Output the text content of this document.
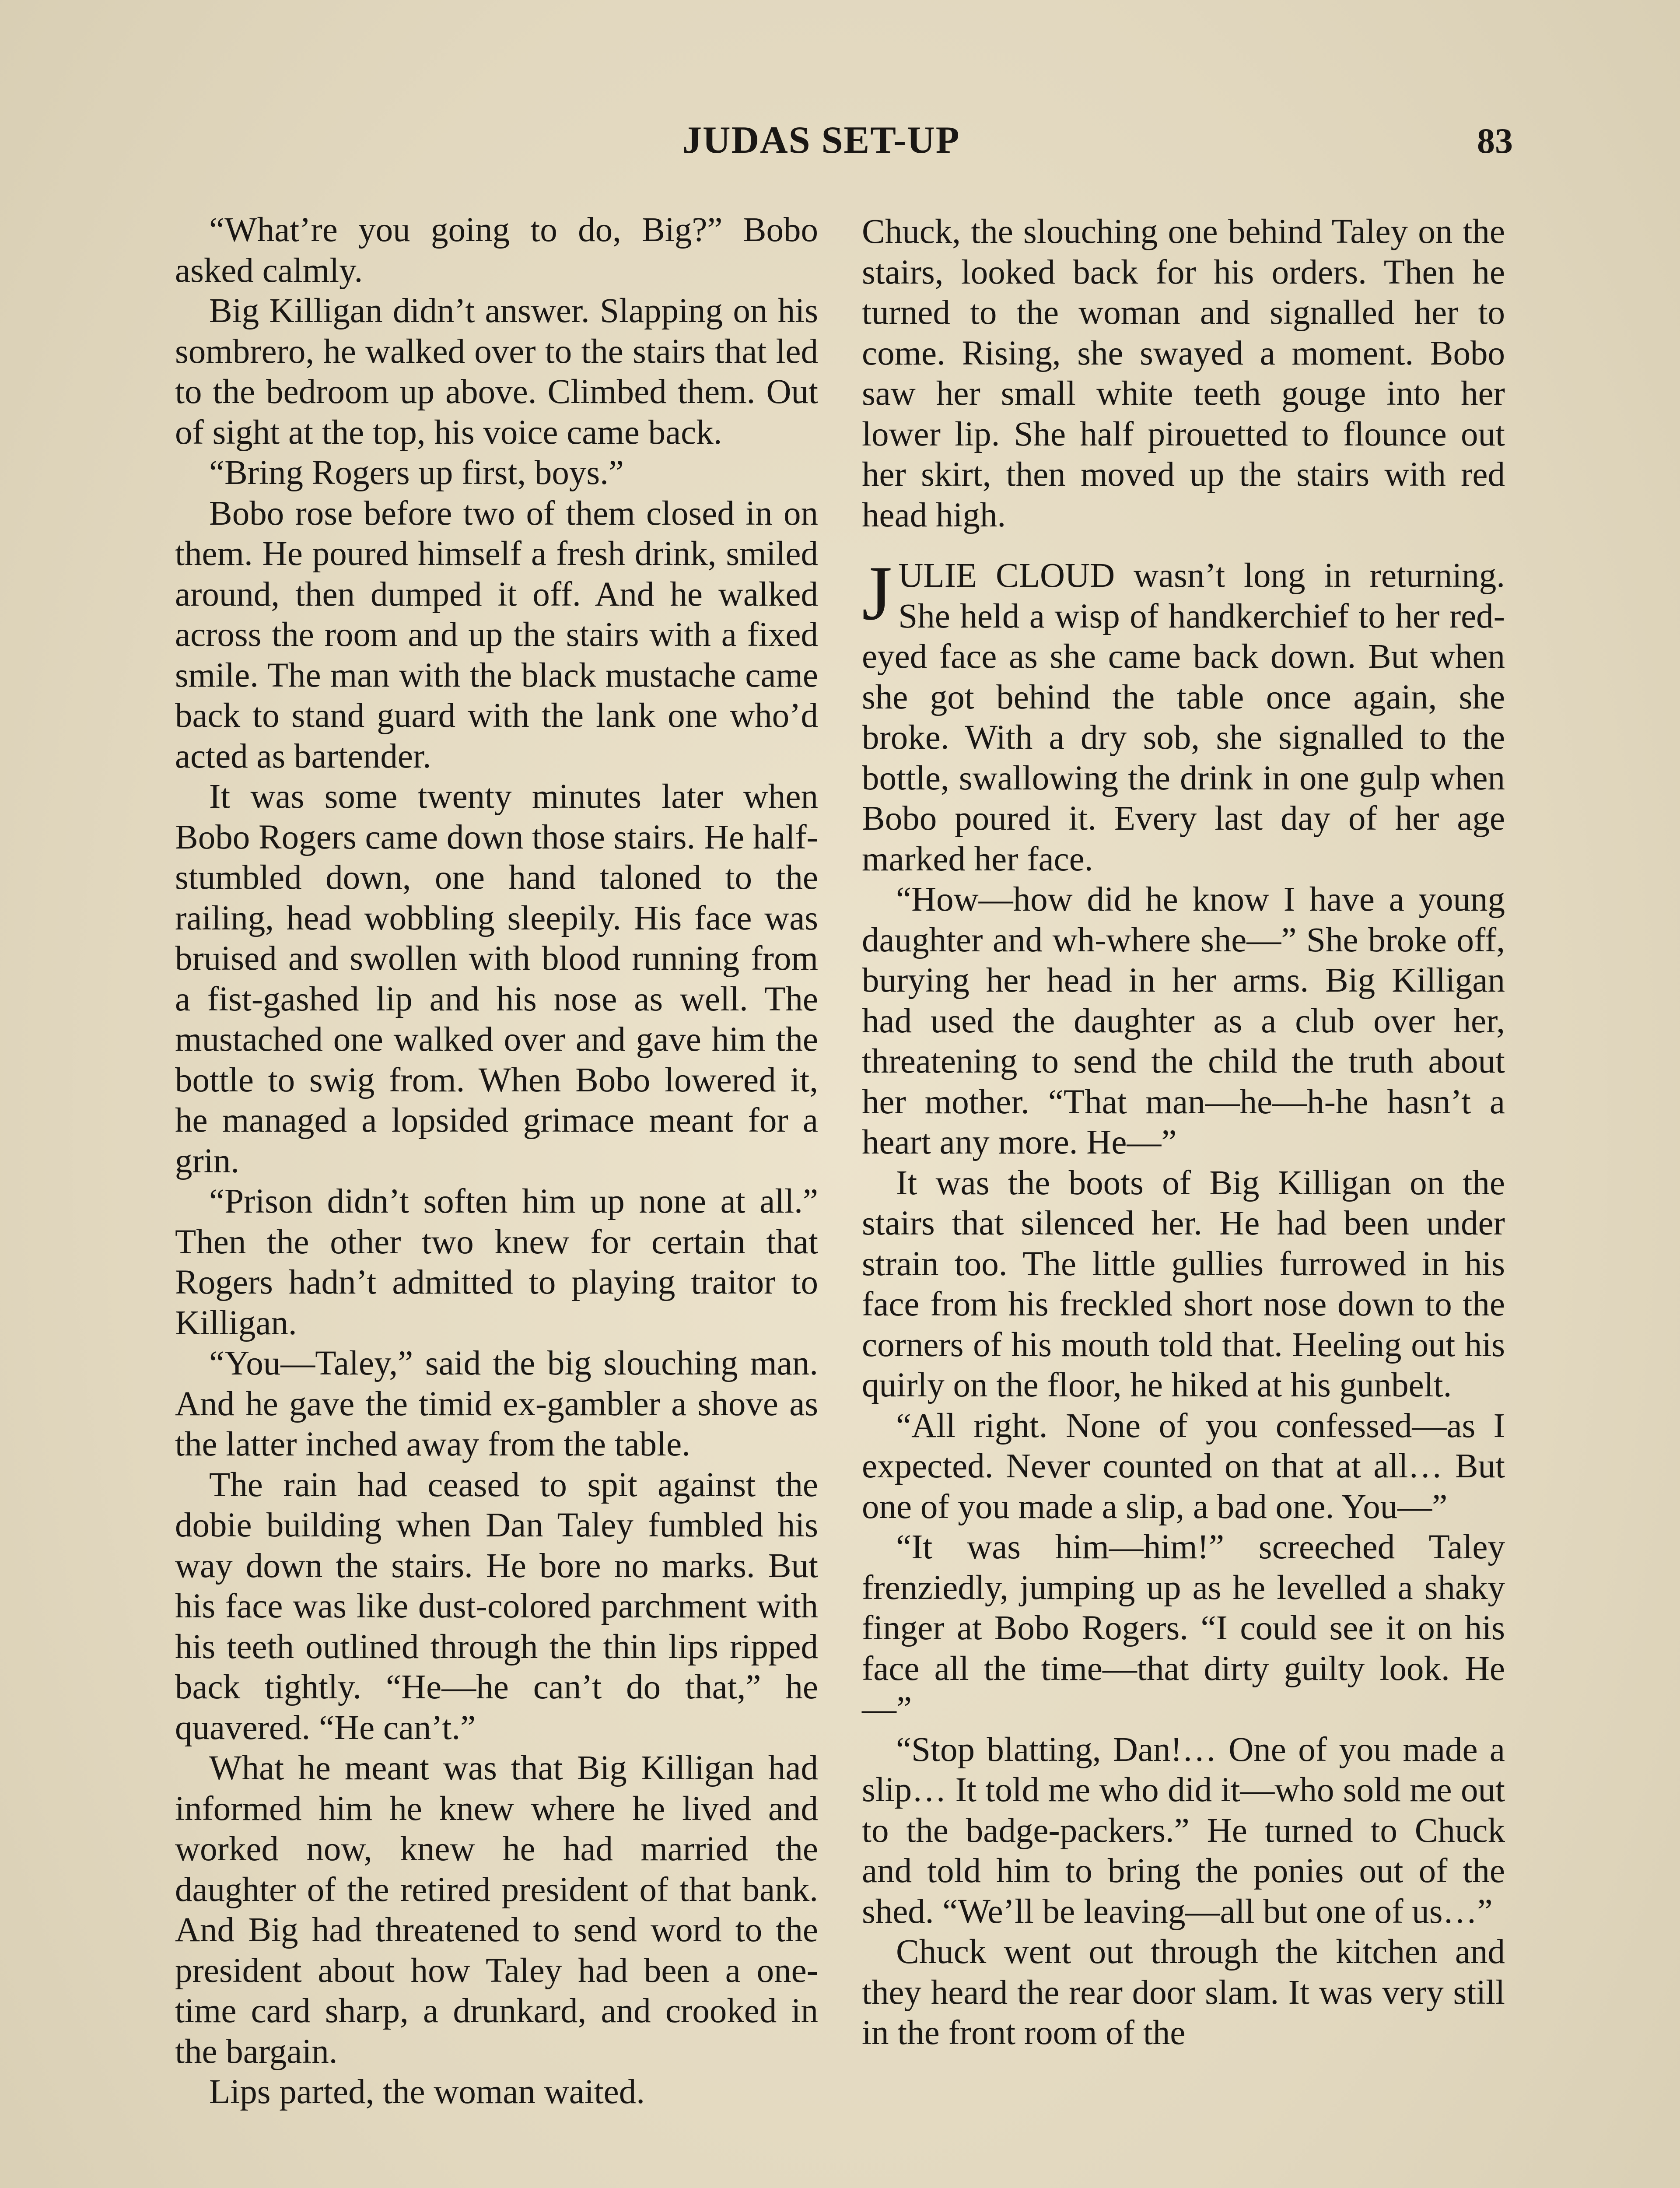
JUDAS SET-UP	83

“What’re you going to do, Big?” Bobo asked calmly.

Big Killigan didn’t answer. Slapping on his sombrero, he walked over to the stairs that led to the bedroom up above. Climbed them. Out of sight at the top, his voice came back.

“Bring Rogers up first, boys.”

Bobo rose before two of them closed in on them. He poured himself a fresh drink, smiled around, then dumped it off. And he walked across the room and up the stairs with a fixed smile. The man with the black mustache came back to stand guard with the lank one who’d acted as bartender.

It was some twenty minutes later when Bobo Rogers came down those stairs. He half-stumbled down, one hand taloned to the railing, head wobbling sleepily. His face was bruised and swollen with blood running from a fist-gashed lip and his nose as well. The mustached one walked over and gave him the bottle to swig from. When Bobo lowered it, he managed a lopsided grimace meant for a grin.

“Prison didn’t soften him up none at all.” Then the other two knew for certain that Rogers hadn’t admitted to playing traitor to Killigan.

“You—Taley,” said the big slouching man. And he gave the timid ex-gambler a shove as the latter inched away from the table.

The rain had ceased to spit against the dobie building when Dan Taley fumbled his way down the stairs. He bore no marks. But his face was like dust-colored parchment with his teeth outlined through the thin lips ripped back tightly. “He—he can’t do that,” he quavered. “He can’t.”

What he meant was that Big Killigan had informed him he knew where he lived and worked now, knew he had married the daughter of the retired president of that bank. And Big had threatened to send word to the president about how Taley had been a one-time card sharp, a drunkard, and crooked in the bargain.

Lips parted, the woman waited.

Chuck, the slouching one behind Taley on the stairs, looked back for his orders. Then he turned to the woman and signalled her to come. Rising, she swayed a moment. Bobo saw her small white teeth gouge into her lower lip. She half pirouetted to flounce out her skirt, then moved up the stairs with red head high.

JULIE CLOUD wasn’t long in returning. She held a wisp of handkerchief to her red-eyed face as she came back down. But when she got behind the table once again, she broke. With a dry sob, she signalled to the bottle, swallowing the drink in one gulp when Bobo poured it. Every last day of her age marked her face.

“How—how did he know I have a young daughter and wh-where she—” She broke off, burying her head in her arms. Big Killigan had used the daughter as a club over her, threatening to send the child the truth about her mother. “That man—he—h-he hasn’t a heart any more. He—”

It was the boots of Big Killigan on the stairs that silenced her. He had been under strain too. The little gullies furrowed in his face from his freckled short nose down to the corners of his mouth told that. Heeling out his quirly on the floor, he hiked at his gunbelt.

“All right. None of you confessed—as I expected. Never counted on that at all… But one of you made a slip, a bad one. You—”

“It was him—him!” screeched Taley frenziedly, jumping up as he levelled a shaky finger at Bobo Rogers. “I could see it on his face all the time—that dirty guilty look. He—”

“Stop blatting, Dan!… One of you made a slip… It told me who did it—who sold me out to the badge-packers.” He turned to Chuck and told him to bring the ponies out of the shed. “We’ll be leaving—all but one of us…”

Chuck went out through the kitchen and they heard the rear door slam. It was very still in the front room of the
